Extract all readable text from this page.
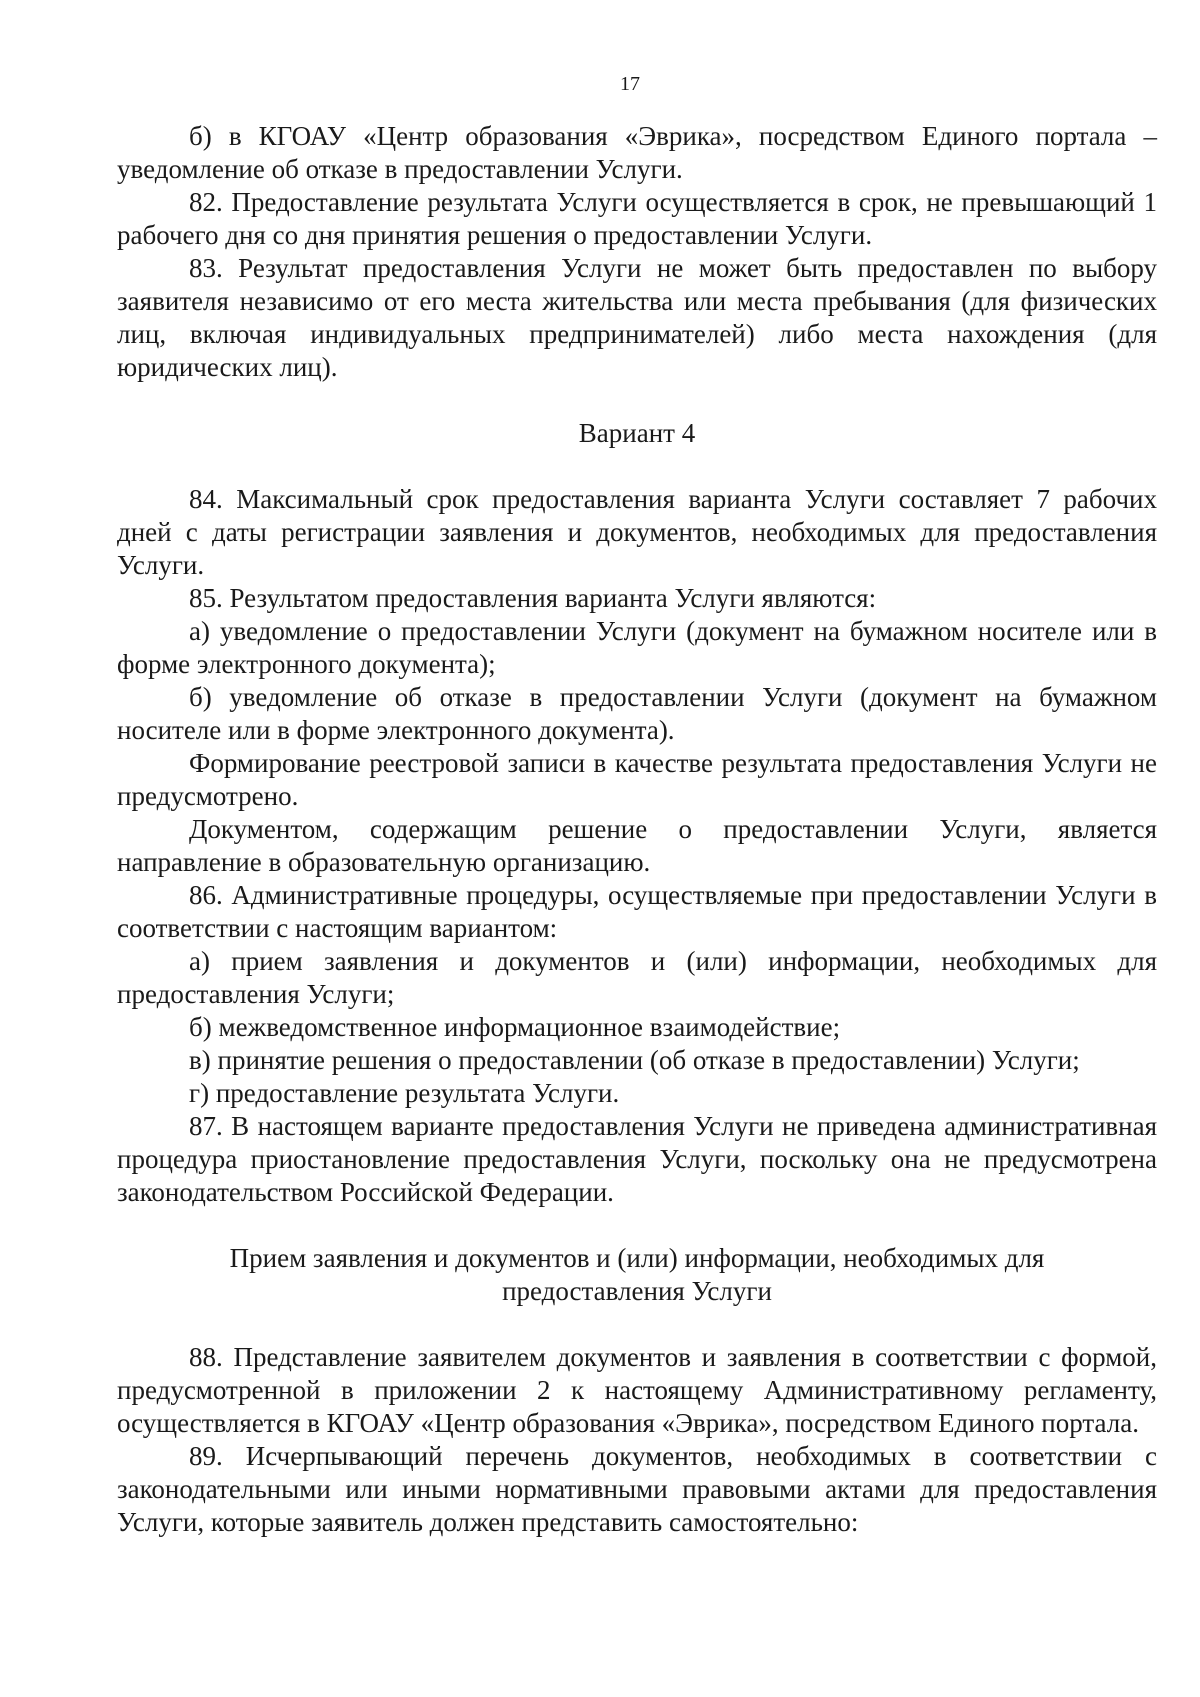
17

б) в КГОАУ «Центр образования «Эврика», посредством Единого портала – уведомление об отказе в предоставлении Услуги.

82. Предоставление результата Услуги осуществляется в срок, не превышающий 1 рабочего дня со дня принятия решения о предоставлении Услуги.

83. Результат предоставления Услуги не может быть предоставлен по выбору заявителя независимо от его места жительства или места пребывания (для физических лиц, включая индивидуальных предпринимателей) либо места нахождения (для юридических лиц).

Вариант 4

84. Максимальный срок предоставления варианта Услуги составляет 7 рабочих дней с даты регистрации заявления и документов, необходимых для предоставления Услуги.

85. Результатом предоставления варианта Услуги являются:

а) уведомление о предоставлении Услуги (документ на бумажном носителе или в форме электронного документа);

б) уведомление об отказе в предоставлении Услуги (документ на бумажном носителе или в форме электронного документа).

Формирование реестровой записи в качестве результата предоставления Услуги не предусмотрено.

Документом, содержащим решение о предоставлении Услуги, является направление в образовательную организацию.

86. Административные процедуры, осуществляемые при предоставлении Услуги в соответствии с настоящим вариантом:

а) прием заявления и документов и (или) информации, необходимых для предоставления Услуги;

б) межведомственное информационное взаимодействие;

в) принятие решения о предоставлении (об отказе в предоставлении) Услуги;

г) предоставление результата Услуги.

87. В настоящем варианте предоставления Услуги не приведена административная процедура приостановление предоставления Услуги, поскольку она не предусмотрена законодательством Российской Федерации.

Прием заявления и документов и (или) информации, необходимых для

предоставления Услуги

88. Представление заявителем документов и заявления в соответствии с формой, предусмотренной в приложении 2 к настоящему Административному регламенту, осуществляется в КГОАУ «Центр образования «Эврика», посредством Единого портала.

89. Исчерпывающий перечень документов, необходимых в соответствии с законодательными или иными нормативными правовыми актами для предоставления Услуги, которые заявитель должен представить самостоятельно:
